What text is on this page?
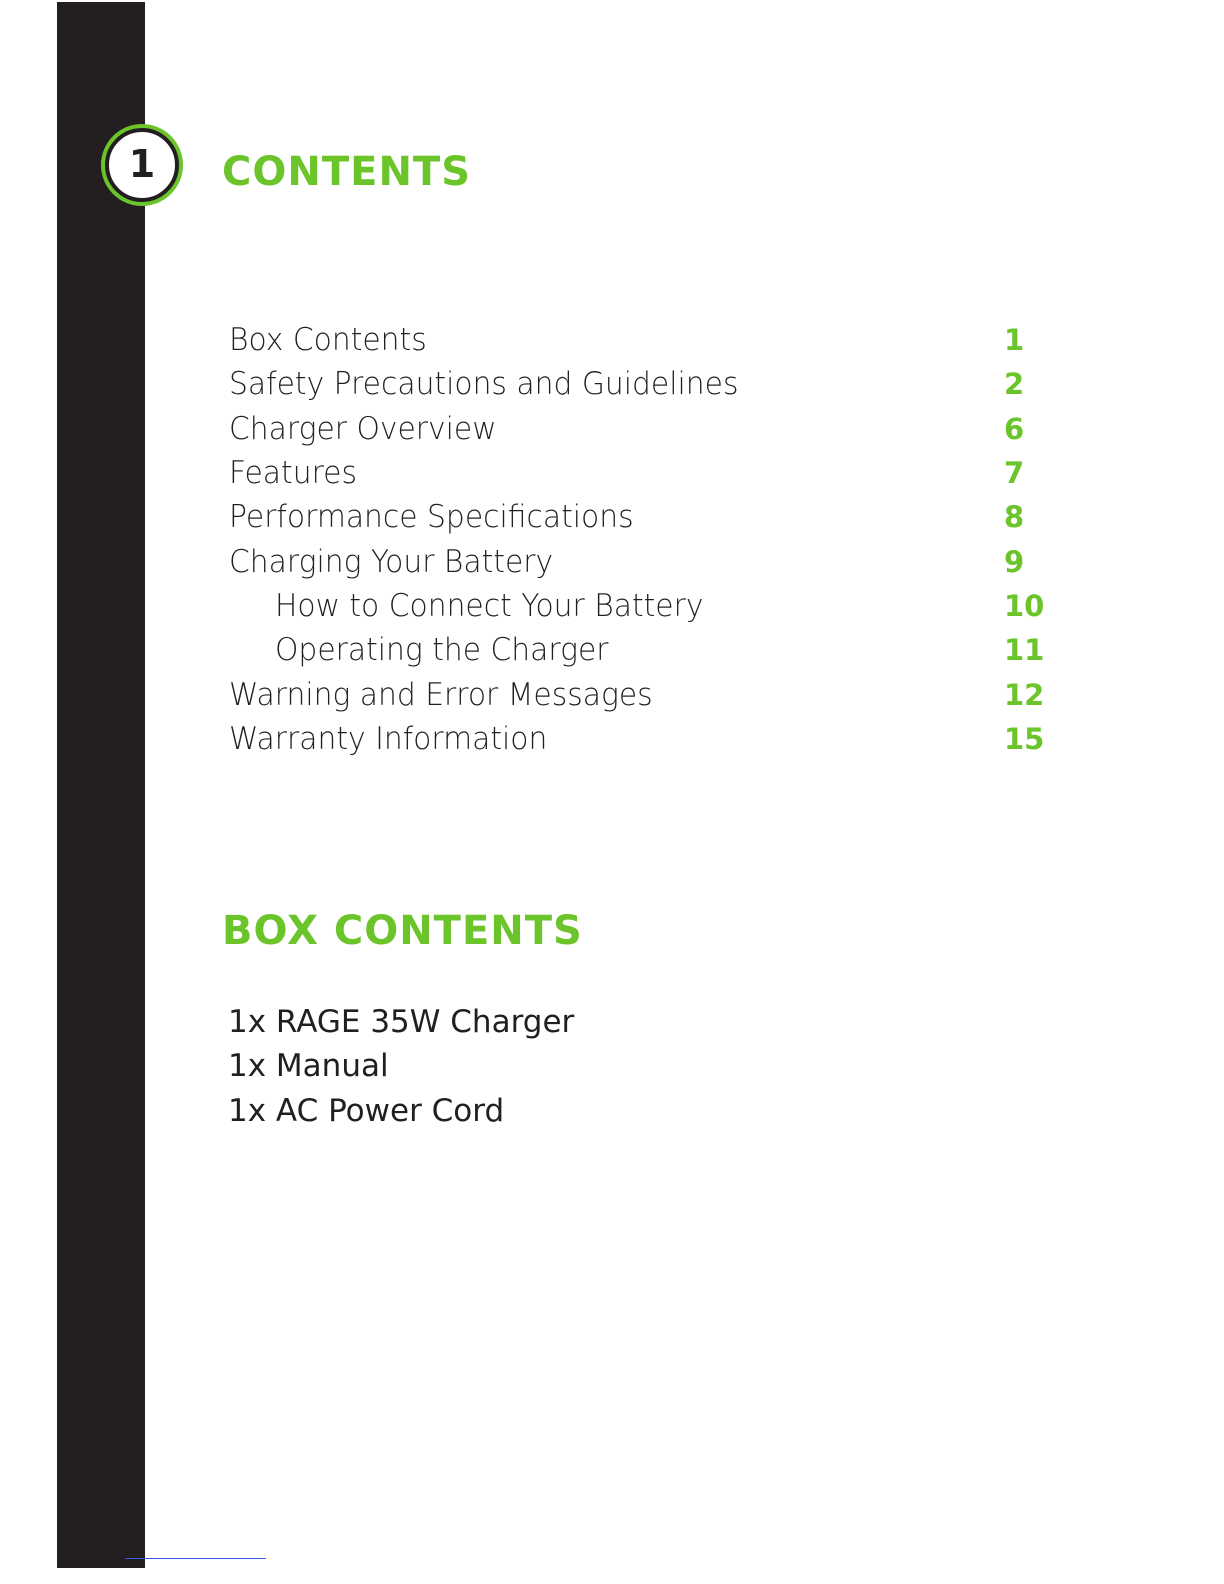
1 CONTENTS
Box Contents	1
Safety Precautions and Guidelines	2
Charger Overview	6
Features	7
Performance Specifications	8
Charging Your Battery	9
How to Connect Your Battery	10
Operating the Charger	11
Warning and Error Messages	12
Warranty Information	15
BOX CONTENTS
1x RAGE 35W Charger
1x Manual
1x AC Power Cord
